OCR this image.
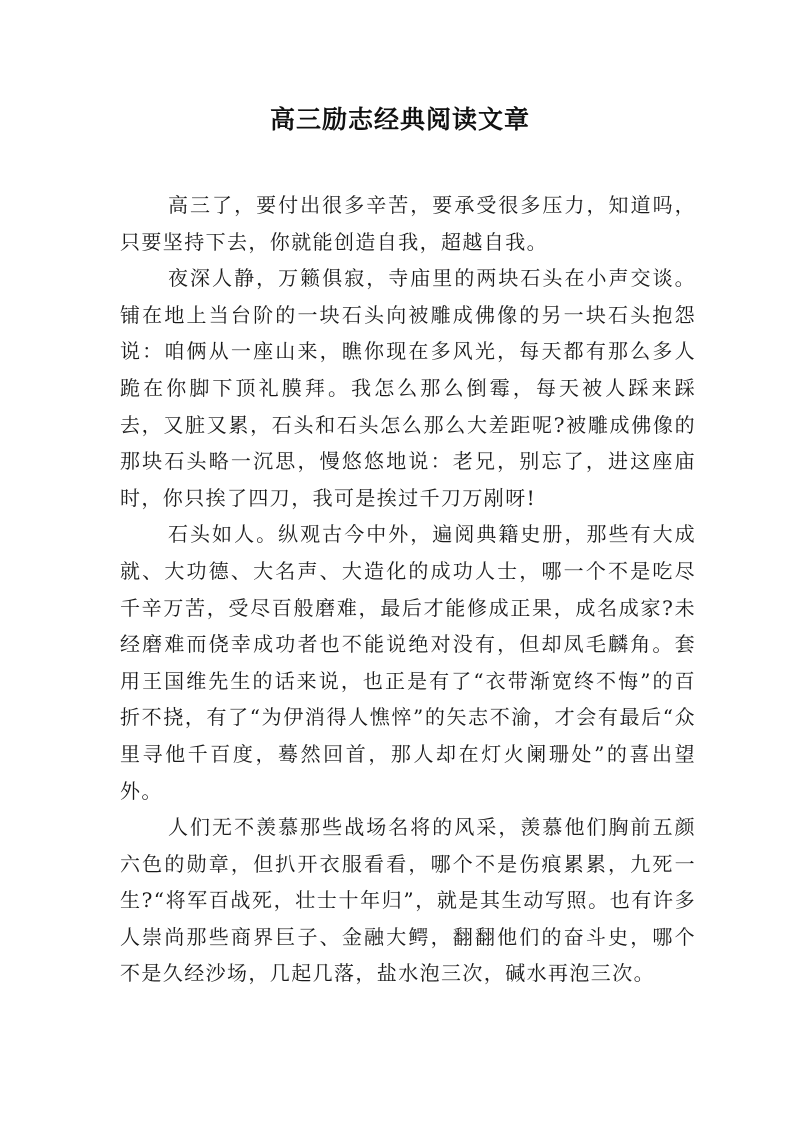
高三励志经典阅读文章

高三了，要付出很多辛苦，要承受很多压力，知道吗，只要坚持下去，你就能创造自我，超越自我。

夜深人静，万籁俱寂，寺庙里的两块石头在小声交谈。铺在地上当台阶的一块石头向被雕成佛像的另一块石头抱怨说：咱俩从一座山来，瞧你现在多风光，每天都有那么多人跪在你脚下顶礼膜拜。我怎么那么倒霉，每天被人踩来踩去，又脏又累，石头和石头怎么那么大差距呢?被雕成佛像的那块石头略一沉思，慢悠悠地说：老兄，别忘了，进这座庙时，你只挨了四刀，我可是挨过千刀万剐呀!

石头如人。纵观古今中外，遍阅典籍史册，那些有大成就、大功德、大名声、大造化的成功人士，哪一个不是吃尽千辛万苦，受尽百般磨难，最后才能修成正果，成名成家?未经磨难而侥幸成功者也不能说绝对没有，但却凤毛麟角。套用王国维先生的话来说，也正是有了“衣带渐宽终不悔”的百折不挠，有了“为伊消得人憔悴”的矢志不渝，才会有最后“众里寻他千百度，蓦然回首，那人却在灯火阑珊处”的喜出望外。

人们无不羡慕那些战场名将的风采，羡慕他们胸前五颜六色的勋章，但扒开衣服看看，哪个不是伤痕累累，九死一生?“将军百战死，壮士十年归”，就是其生动写照。也有许多人崇尚那些商界巨子、金融大鳄，翻翻他们的奋斗史，哪个不是久经沙场，几起几落，盐水泡三次，碱水再泡三次。
